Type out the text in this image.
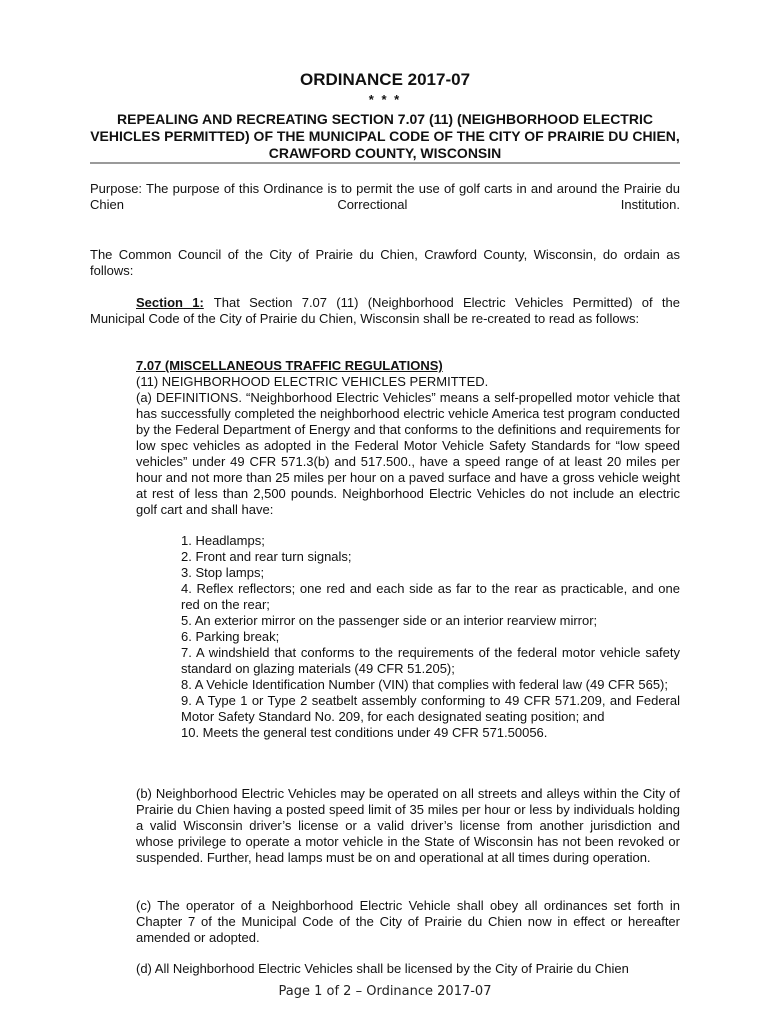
ORDINANCE 2017-07
* * *
REPEALING AND RECREATING SECTION 7.07 (11) (NEIGHBORHOOD ELECTRIC VEHICLES PERMITTED) OF THE MUNICIPAL CODE OF THE CITY OF PRAIRIE DU CHIEN, CRAWFORD COUNTY, WISCONSIN
Purpose: The purpose of this Ordinance is to permit the use of golf carts in and around the Prairie du Chien Correctional Institution.
The Common Council of the City of Prairie du Chien, Crawford County, Wisconsin, do ordain as follows:
Section 1: That Section 7.07 (11) (Neighborhood Electric Vehicles Permitted) of the Municipal Code of the City of Prairie du Chien, Wisconsin shall be re-created to read as follows:
7.07 (MISCELLANEOUS TRAFFIC REGULATIONS)
(11) NEIGHBORHOOD ELECTRIC VEHICLES PERMITTED.
(a) DEFINITIONS. “Neighborhood Electric Vehicles” means a self-propelled motor vehicle that has successfully completed the neighborhood electric vehicle America test program conducted by the Federal Department of Energy and that conforms to the definitions and requirements for low spec vehicles as adopted in the Federal Motor Vehicle Safety Standards for “low speed vehicles” under 49 CFR 571.3(b) and 517.500., have a speed range of at least 20 miles per hour and not more than 25 miles per hour on a paved surface and have a gross vehicle weight at rest of less than 2,500 pounds. Neighborhood Electric Vehicles do not include an electric golf cart and shall have:
1. Headlamps;
2. Front and rear turn signals;
3. Stop lamps;
4. Reflex reflectors; one red and each side as far to the rear as practicable, and one red on the rear;
5. An exterior mirror on the passenger side or an interior rearview mirror;
6. Parking break;
7. A windshield that conforms to the requirements of the federal motor vehicle safety standard on glazing materials (49 CFR 51.205);
8. A Vehicle Identification Number (VIN) that complies with federal law (49 CFR 565);
9. A Type 1 or Type 2 seatbelt assembly conforming to 49 CFR 571.209, and Federal Motor Safety Standard No. 209, for each designated seating position; and
10. Meets the general test conditions under 49 CFR 571.50056.
(b) Neighborhood Electric Vehicles may be operated on all streets and alleys within the City of Prairie du Chien having a posted speed limit of 35 miles per hour or less by individuals holding a valid Wisconsin driver’s license or a valid driver’s license from another jurisdiction and whose privilege to operate a motor vehicle in the State of Wisconsin has not been revoked or suspended. Further, head lamps must be on and operational at all times during operation.
(c) The operator of a Neighborhood Electric Vehicle shall obey all ordinances set forth in Chapter 7 of the Municipal Code of the City of Prairie du Chien now in effect or hereafter amended or adopted.
(d) All Neighborhood Electric Vehicles shall be licensed by the City of Prairie du Chien
Page 1 of 2 – Ordinance 2017-07
